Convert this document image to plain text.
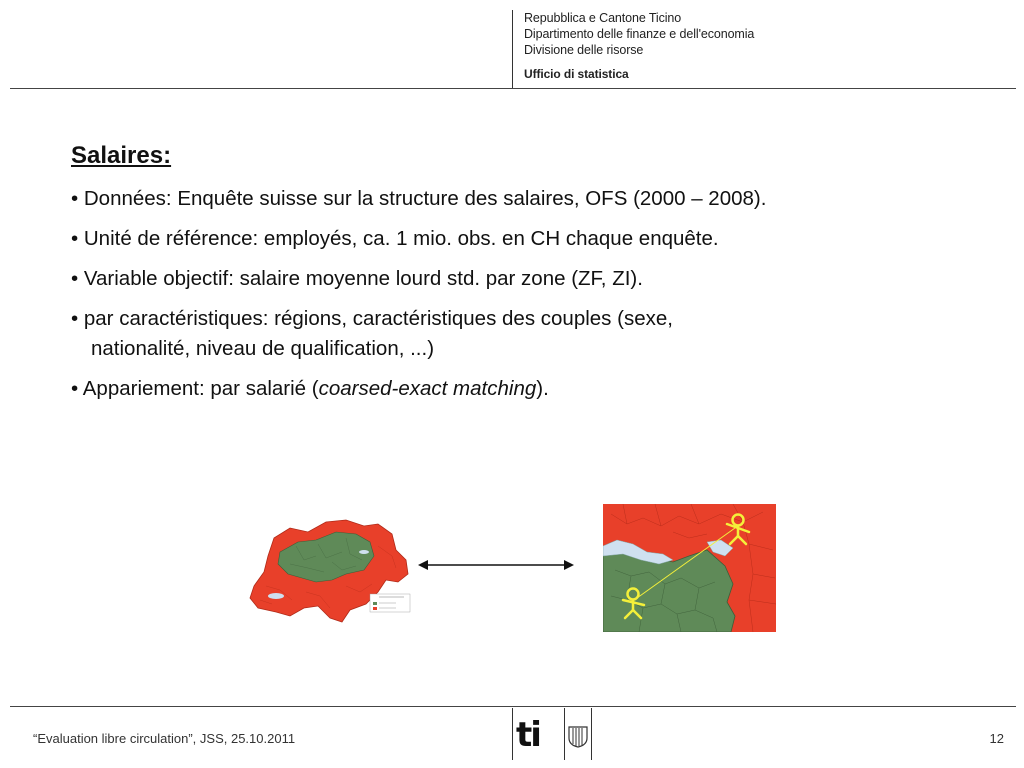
Repubblica e Cantone Ticino
Dipartimento delle finanze e dell'economia
Divisione delle risorse
Ufficio di statistica
Salaires:
• Données: Enquête suisse sur la structure des salaires, OFS (2000 – 2008).
• Unité de référence: employés, ca. 1 mio. obs. en CH chaque enquête.
• Variable objectif: salaire moyenne lourd std. par zone (ZF, ZI).
• par caractéristiques: régions, caractéristiques des couples (sexe,
nationalité, niveau de qualification, ...)
• Appariement: par salarié (coarsed-exact matching).
“Evaluation libre circulation”, JSS, 25.10.2011	ti	12
